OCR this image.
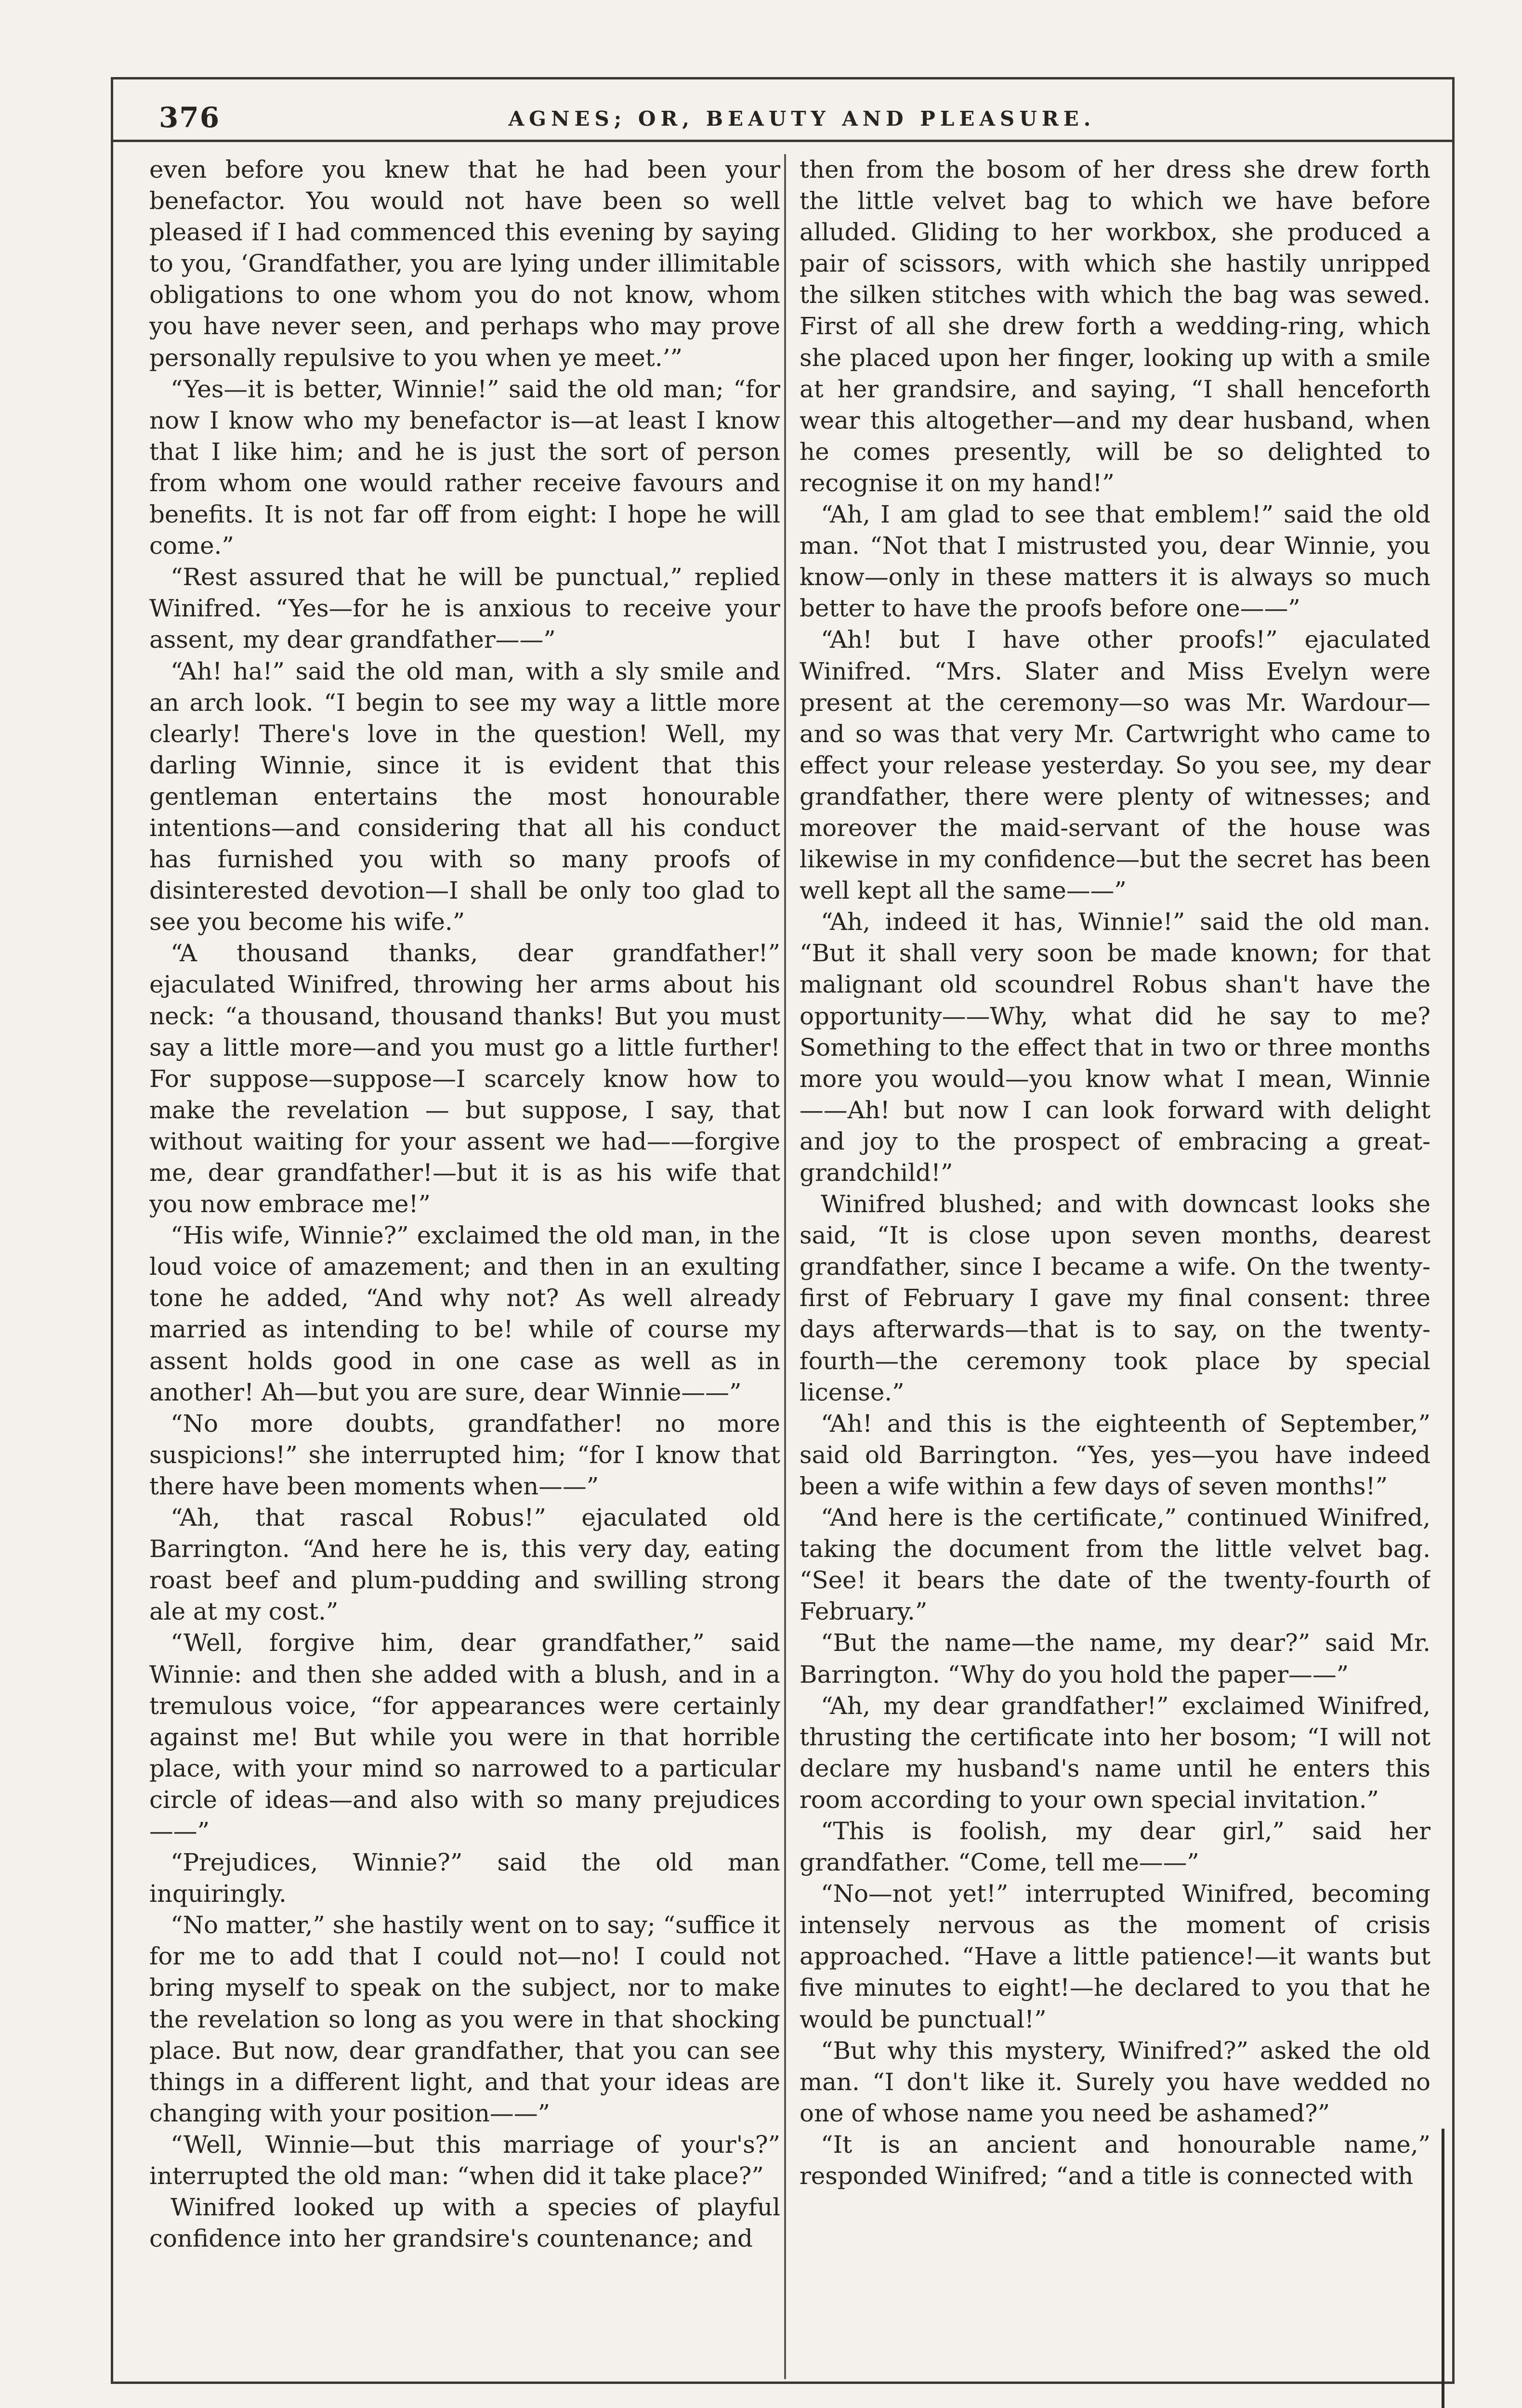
376	AGNES; OR, BEAUTY AND PLEASURE.

even before you knew that he had been your benefactor. You would not have been so well pleased if I had commenced this evening by saying to you, ‘Grandfather, you are lying under illimitable obligations to one whom you do not know, whom you have never seen, and perhaps who may prove personally repulsive to you when ye meet.’”

“Yes—it is better, Winnie!” said the old man; “for now I know who my benefactor is—at least I know that I like him; and he is just the sort of person from whom one would rather receive favours and benefits. It is not far off from eight: I hope he will come.”

“Rest assured that he will be punctual,” replied Winifred. “Yes—for he is anxious to receive your assent, my dear grandfather——”

“Ah! ha!” said the old man, with a sly smile and an arch look. “I begin to see my way a little more clearly! There's love in the question! Well, my darling Winnie, since it is evident that this gentleman entertains the most honourable intentions—and considering that all his conduct has furnished you with so many proofs of disinterested devotion—I shall be only too glad to see you become his wife.”

“A thousand thanks, dear grandfather!” ejaculated Winifred, throwing her arms about his neck: “a thousand, thousand thanks! But you must say a little more—and you must go a little further! For suppose—suppose—I scarcely know how to make the revelation — but suppose, I say, that without waiting for your assent we had——forgive me, dear grandfather!—but it is as his wife that you now embrace me!”

“His wife, Winnie?” exclaimed the old man, in the loud voice of amazement; and then in an exulting tone he added, “And why not? As well already married as intending to be! while of course my assent holds good in one case as well as in another! Ah—but you are sure, dear Winnie——”

“No more doubts, grandfather! no more suspicions!” she interrupted him; “for I know that there have been moments when——”

“Ah, that rascal Robus!” ejaculated old Barrington. “And here he is, this very day, eating roast beef and plum-pudding and swilling strong ale at my cost.”

“Well, forgive him, dear grandfather,” said Winnie: and then she added with a blush, and in a tremulous voice, “for appearances were certainly against me! But while you were in that horrible place, with your mind so narrowed to a particular circle of ideas—and also with so many prejudices——”

“Prejudices, Winnie?” said the old man inquiringly.

“No matter,” she hastily went on to say; “suffice it for me to add that I could not—no! I could not bring myself to speak on the subject, nor to make the revelation so long as you were in that shocking place. But now, dear grandfather, that you can see things in a different light, and that your ideas are changing with your position——”

“Well, Winnie—but this marriage of your's?” interrupted the old man: “when did it take place?”

Winifred looked up with a species of playful confidence into her grandsire's countenance; and

then from the bosom of her dress she drew forth the little velvet bag to which we have before alluded. Gliding to her workbox, she produced a pair of scissors, with which she hastily unripped the silken stitches with which the bag was sewed. First of all she drew forth a wedding-ring, which she placed upon her finger, looking up with a smile at her grandsire, and saying, “I shall henceforth wear this altogether—and my dear husband, when he comes presently, will be so delighted to recognise it on my hand!”

“Ah, I am glad to see that emblem!” said the old man. “Not that I mistrusted you, dear Winnie, you know—only in these matters it is always so much better to have the proofs before one——”

“Ah! but I have other proofs!” ejaculated Winifred. “Mrs. Slater and Miss Evelyn were present at the ceremony—so was Mr. Wardour—and so was that very Mr. Cartwright who came to effect your release yesterday. So you see, my dear grandfather, there were plenty of witnesses; and moreover the maid-servant of the house was likewise in my confidence—but the secret has been well kept all the same——”

“Ah, indeed it has, Winnie!” said the old man. “But it shall very soon be made known; for that malignant old scoundrel Robus shan't have the opportunity——Why, what did he say to me? Something to the effect that in two or three months more you would—you know what I mean, Winnie——Ah! but now I can look forward with delight and joy to the prospect of embracing a great-grandchild!”

Winifred blushed; and with downcast looks she said, “It is close upon seven months, dearest grandfather, since I became a wife. On the twenty-first of February I gave my final consent: three days afterwards—that is to say, on the twenty-fourth—the ceremony took place by special license.”

“Ah! and this is the eighteenth of September,” said old Barrington. “Yes, yes—you have indeed been a wife within a few days of seven months!”

“And here is the certificate,” continued Winifred, taking the document from the little velvet bag. “See! it bears the date of the twenty-fourth of February.”

“But the name—the name, my dear?” said Mr. Barrington. “Why do you hold the paper——”

“Ah, my dear grandfather!” exclaimed Winifred, thrusting the certificate into her bosom; “I will not declare my husband's name until he enters this room according to your own special invitation.”

“This is foolish, my dear girl,” said her grandfather. “Come, tell me——”

“No—not yet!” interrupted Winifred, becoming intensely nervous as the moment of crisis approached. “Have a little patience!—it wants but five minutes to eight!—he declared to you that he would be punctual!”

“But why this mystery, Winifred?” asked the old man. “I don't like it. Surely you have wedded no one of whose name you need be ashamed?”

“It is an ancient and honourable name,” responded Winifred; “and a title is connected with
